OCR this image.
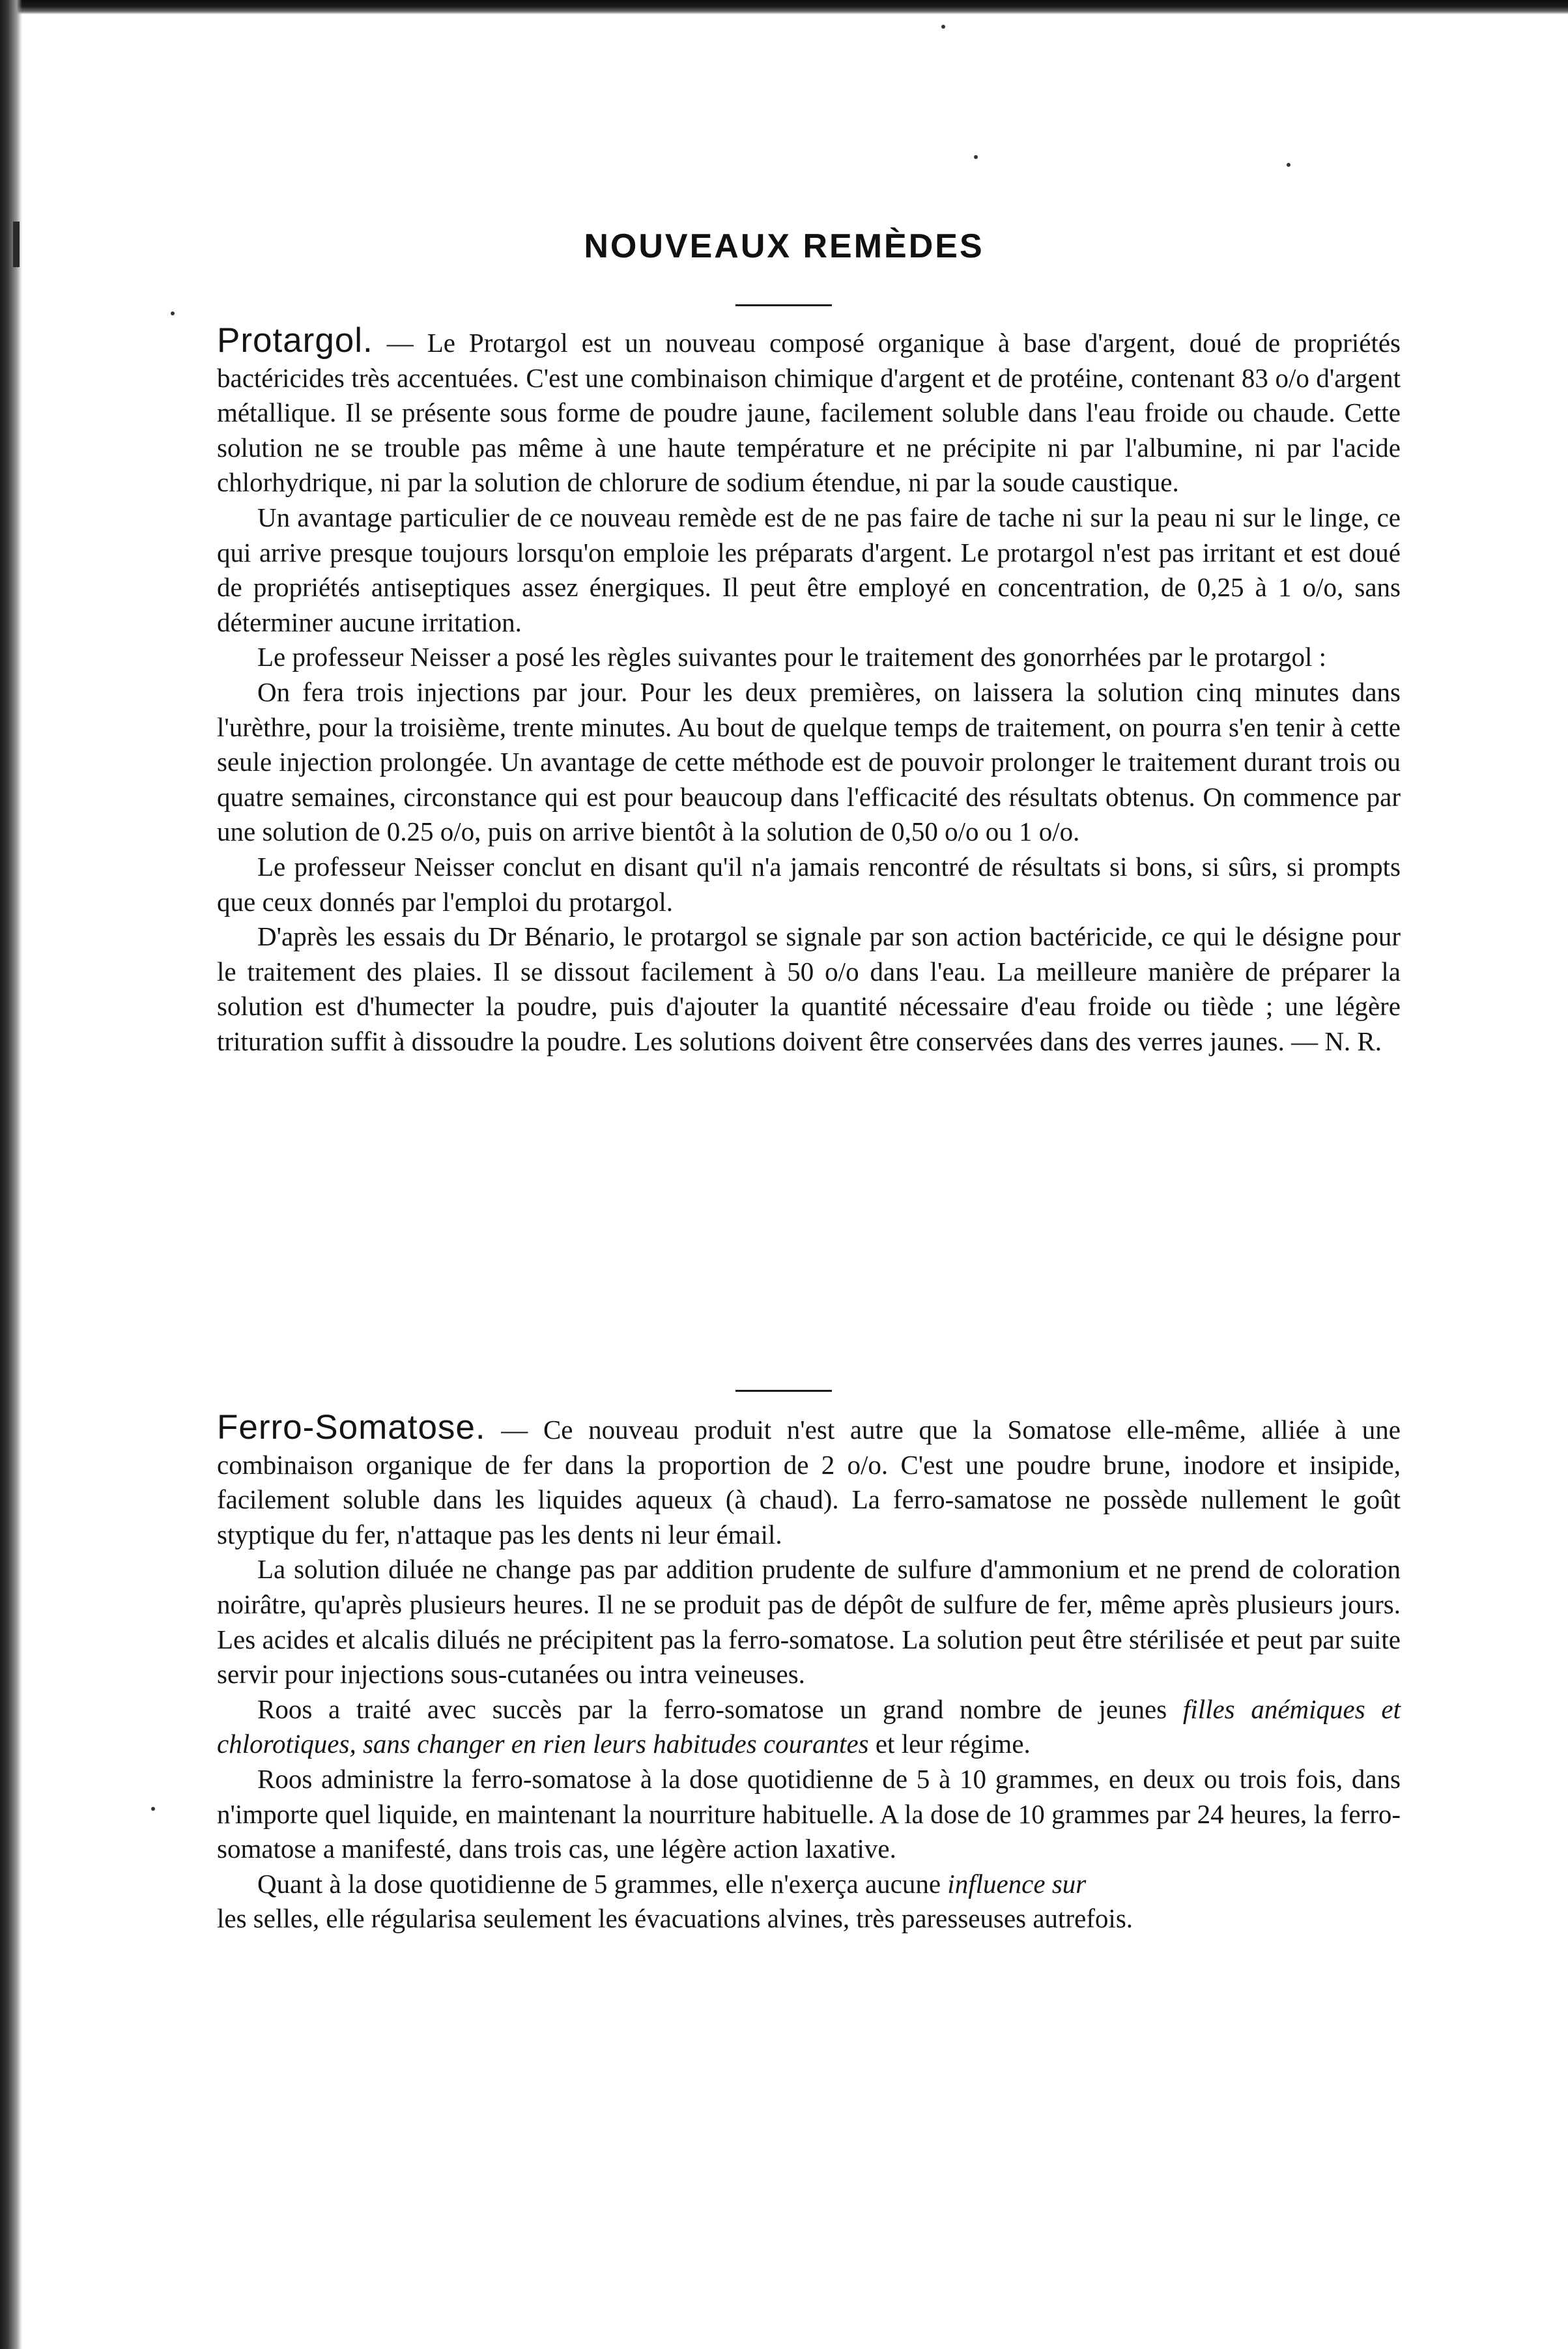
NOUVEAUX REMÈDES

Protargol. — Le Protargol est un nouveau composé organique à base d'argent, doué de propriétés bactéricides très accentuées. C'est une combinaison chimique d'argent et de protéine, contenant 83 o/o d'argent métallique. Il se présente sous forme de poudre jaune, facilement soluble dans l'eau froide ou chaude. Cette solution ne se trouble pas même à une haute température et ne précipite ni par l'albumine, ni par l'acide chlorhydrique, ni par la solution de chlorure de sodium étendue, ni par la soude caustique.

Un avantage particulier de ce nouveau remède est de ne pas faire de tache ni sur la peau ni sur le linge, ce qui arrive presque toujours lorsqu'on emploie les préparats d'argent. Le protargol n'est pas irritant et est doué de propriétés antiseptiques assez énergiques. Il peut être employé en concentration, de 0,25 à 1 o/o, sans déterminer aucune irritation.

Le professeur Neisser a posé les règles suivantes pour le traitement des gonorrhées par le protargol :

On fera trois injections par jour. Pour les deux premières, on laissera la solution cinq minutes dans l'urèthre, pour la troisième, trente minutes. Au bout de quelque temps de traitement, on pourra s'en tenir à cette seule injection prolongée. Un avantage de cette méthode est de pouvoir prolonger le traitement durant trois ou quatre semaines, circonstance qui est pour beaucoup dans l'efficacité des résultats obtenus. On commence par une solution de 0.25 o/o, puis on arrive bientôt à la solution de 0,50 o/o ou 1 o/o.

Le professeur Neisser conclut en disant qu'il n'a jamais rencontré de résultats si bons, si sûrs, si prompts que ceux donnés par l'emploi du protargol.

D'après les essais du Dr Bénario, le protargol se signale par son action bactéricide, ce qui le désigne pour le traitement des plaies. Il se dissout facilement à 50 o/o dans l'eau. La meilleure manière de préparer la solution est d'humecter la poudre, puis d'ajouter la quantité nécessaire d'eau froide ou tiède ; une légère trituration suffit à dissoudre la poudre. Les solutions doivent être conservées dans des verres jaunes. — N. R.

Ferro-Somatose. — Ce nouveau produit n'est autre que la Somatose elle-même, alliée à une combinaison organique de fer dans la proportion de 2 o/o. C'est une poudre brune, inodore et insipide, facilement soluble dans les liquides aqueux (à chaud). La ferro-samatose ne possède nullement le goût styptique du fer, n'attaque pas les dents ni leur émail.

La solution diluée ne change pas par addition prudente de sulfure d'ammonium et ne prend de coloration noirâtre, qu'après plusieurs heures. Il ne se produit pas de dépôt de sulfure de fer, même après plusieurs jours. Les acides et alcalis dilués ne précipitent pas la ferro-somatose. La solution peut être stérilisée et peut par suite servir pour injections sous-cutanées ou intra veineuses.

Roos a traité avec succès par la ferro-somatose un grand nombre de jeunes filles anémiques et chlorotiques, sans changer en rien leurs habitudes courantes et leur régime.

Roos administre la ferro-somatose à la dose quotidienne de 5 à 10 grammes, en deux ou trois fois, dans n'importe quel liquide, en maintenant la nourriture habituelle. A la dose de 10 grammes par 24 heures, la ferro-somatose a manifesté, dans trois cas, une légère action laxative.

Quant à la dose quotidienne de 5 grammes, elle n'exerça aucune influence sur

les selles, elle régularisa seulement les évacuations alvines, très paresseuses autrefois.
